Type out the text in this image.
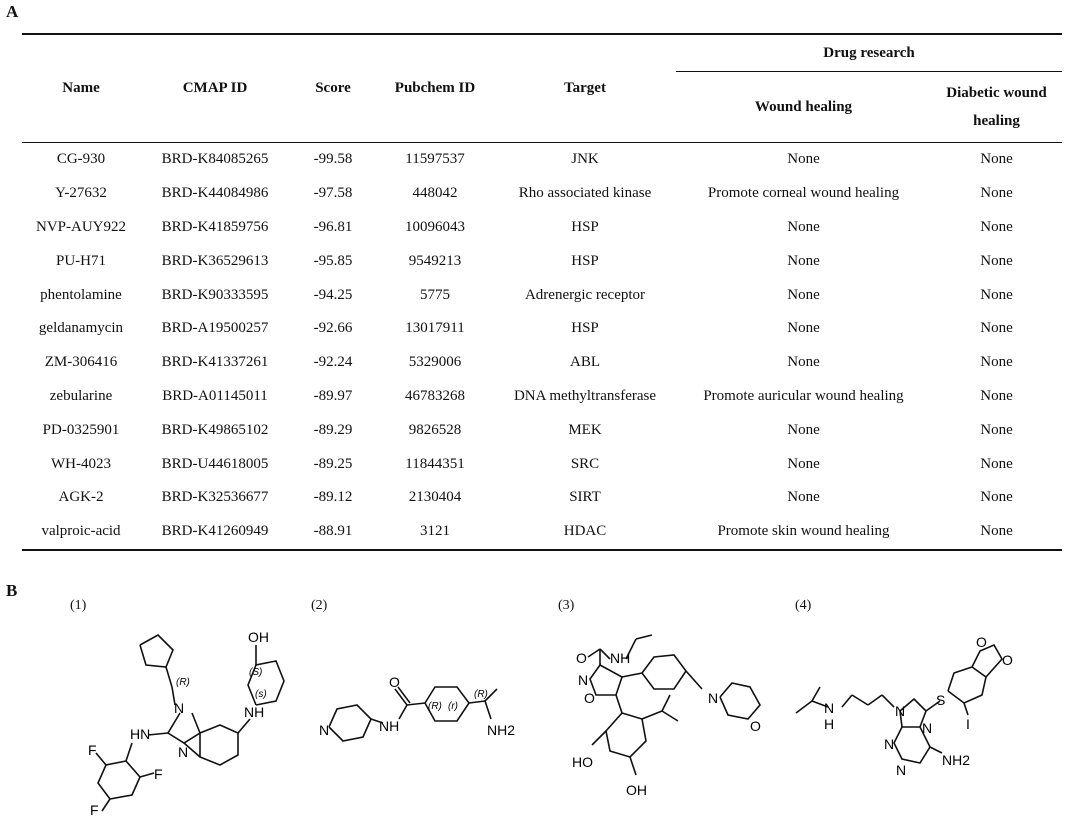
A
Name	CMAP ID	Score	Pubchem ID	Target	Drug research	
					Wound healing	Diabetic wound
healing
CG-930	BRD-K84085265	-99.58	11597537	JNK	None	None
Y-27632	BRD-K44084986	-97.58	448042	Rho associated kinase	Promote corneal wound healing	None
NVP-AUY922	BRD-K41859756	-96.81	10096043	HSP	None	None
PU-H71	BRD-K36529613	-95.85	9549213	HSP	None	None
phentolamine	BRD-K90333595	-94.25	5775	Adrenergic receptor	None	None
geldanamycin	BRD-A19500257	-92.66	13017911	HSP	None	None
ZM-306416	BRD-K41337261	-92.24	5329006	ABL	None	None
zebularine	BRD-A01145011	-89.97	46783268	DNA methyltransferase	Promote auricular wound healing	None
PD-0325901	BRD-K49865102	-89.29	9826528	MEK	None	None
WH-4023	BRD-U44618005	-89.25	11844351	SRC	None	None
AGK-2	BRD-K32536677	-89.12	2130404	SIRT	None	None
valproic-acid	BRD-K41260949	-88.91	3121	HDAC	Promote skin wound healing	None
B
(1)
OH
(S)
(s)
(R)
N	NH
HN
N
F
F
F
(2)
O
N	NH
(R) (r)
(R)
NH2
(3)
O NH
N
O	N
O
HO
OH
(4)
N
H
S
N
N
N
N
I
NH2
O
O
